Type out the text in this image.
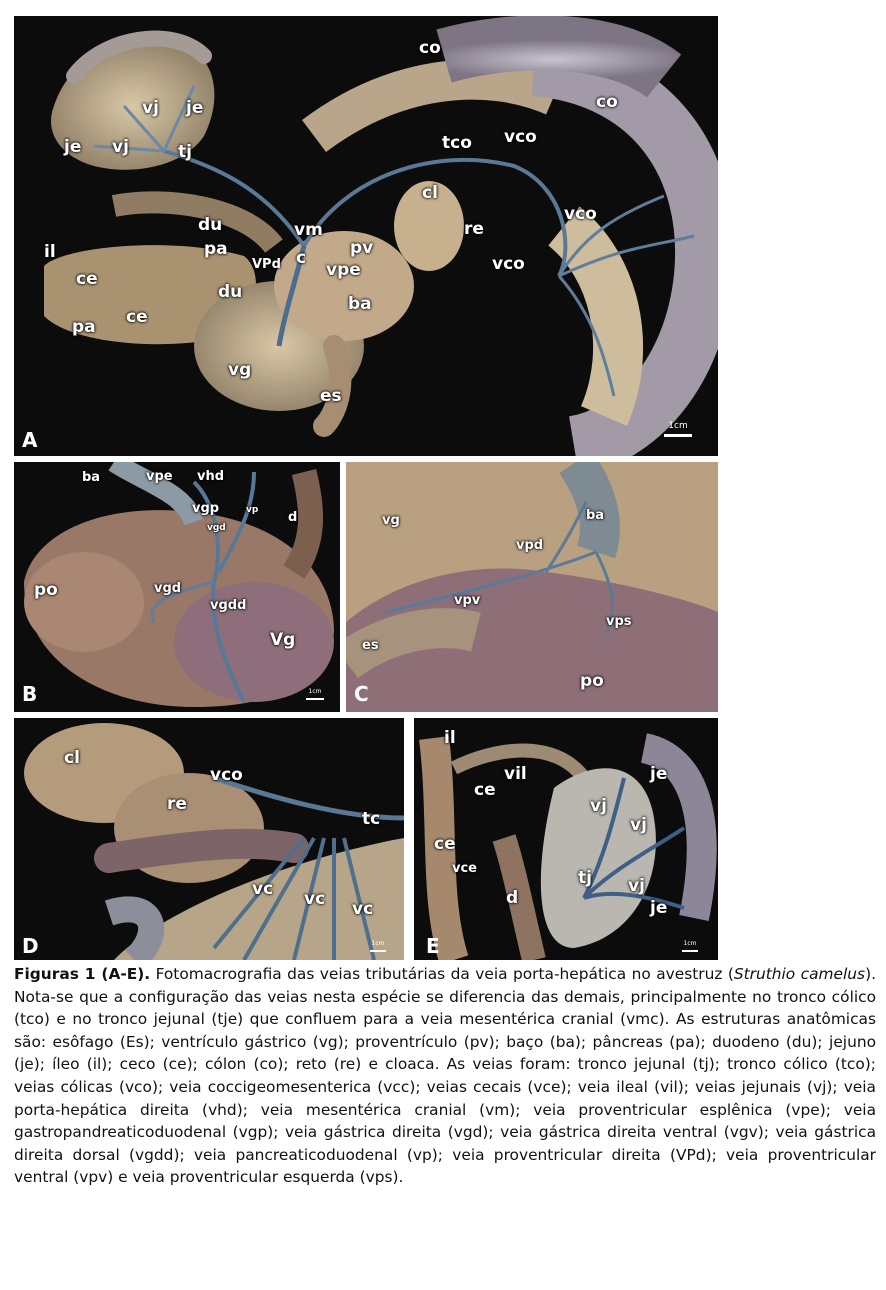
co
co
vj je
je vj	tj	tco vco
cl
vco
du	vm
il	pa	pv
re
vco
VPd c
vpe
ce
du
ba
ce
pa
vg
es
A
1cm
ba	vpe vhd
vgp	vp
vgd
d
po	vgd
vgdd
Vg
B	1cm
vg	ba
vpd
vpv
vps
es
po
C
cl
vco
re
tc
vc vc vc
D	1cm
il
vil	je
ce
vj
vj
ce
vce	tj vj
d	je
E	1cm
Figuras 1 (A-E). Fotomacrografia das veias tributárias da veia porta-hepática no avestruz (Struthio camelus). Nota-se que a configuração das veias nesta espécie se diferencia das demais, principalmente no tronco cólico (tco) e no tronco jejunal (tje) que confluem para a veia mesentérica cranial (vmc). As estruturas anatômicas são: esôfago (Es); ventrículo gástrico (vg); proventrículo (pv); baço (ba); pâncreas (pa); duodeno (du); jejuno (je); íleo (il); ceco (ce); cólon (co); reto (re) e cloaca. As veias foram: tronco jejunal (tj); tronco cólico (tco); veias cólicas (vco); veia coccigeomesenterica (vcc); veias cecais (vce); veia ileal (vil); veias jejunais (vj); veia porta-hepática direita (vhd); veia mesentérica cranial (vm); veia proventricular esplênica (vpe); veia gastropandreaticoduodenal (vgp); veia gástrica direita (vgd); veia gástrica direita ventral (vgv); veia gástrica direita dorsal (vgdd); veia pancreaticoduodenal (vp); veia proventricular direita (VPd); veia proventricular ventral (vpv) e veia proventricular esquerda (vps).
